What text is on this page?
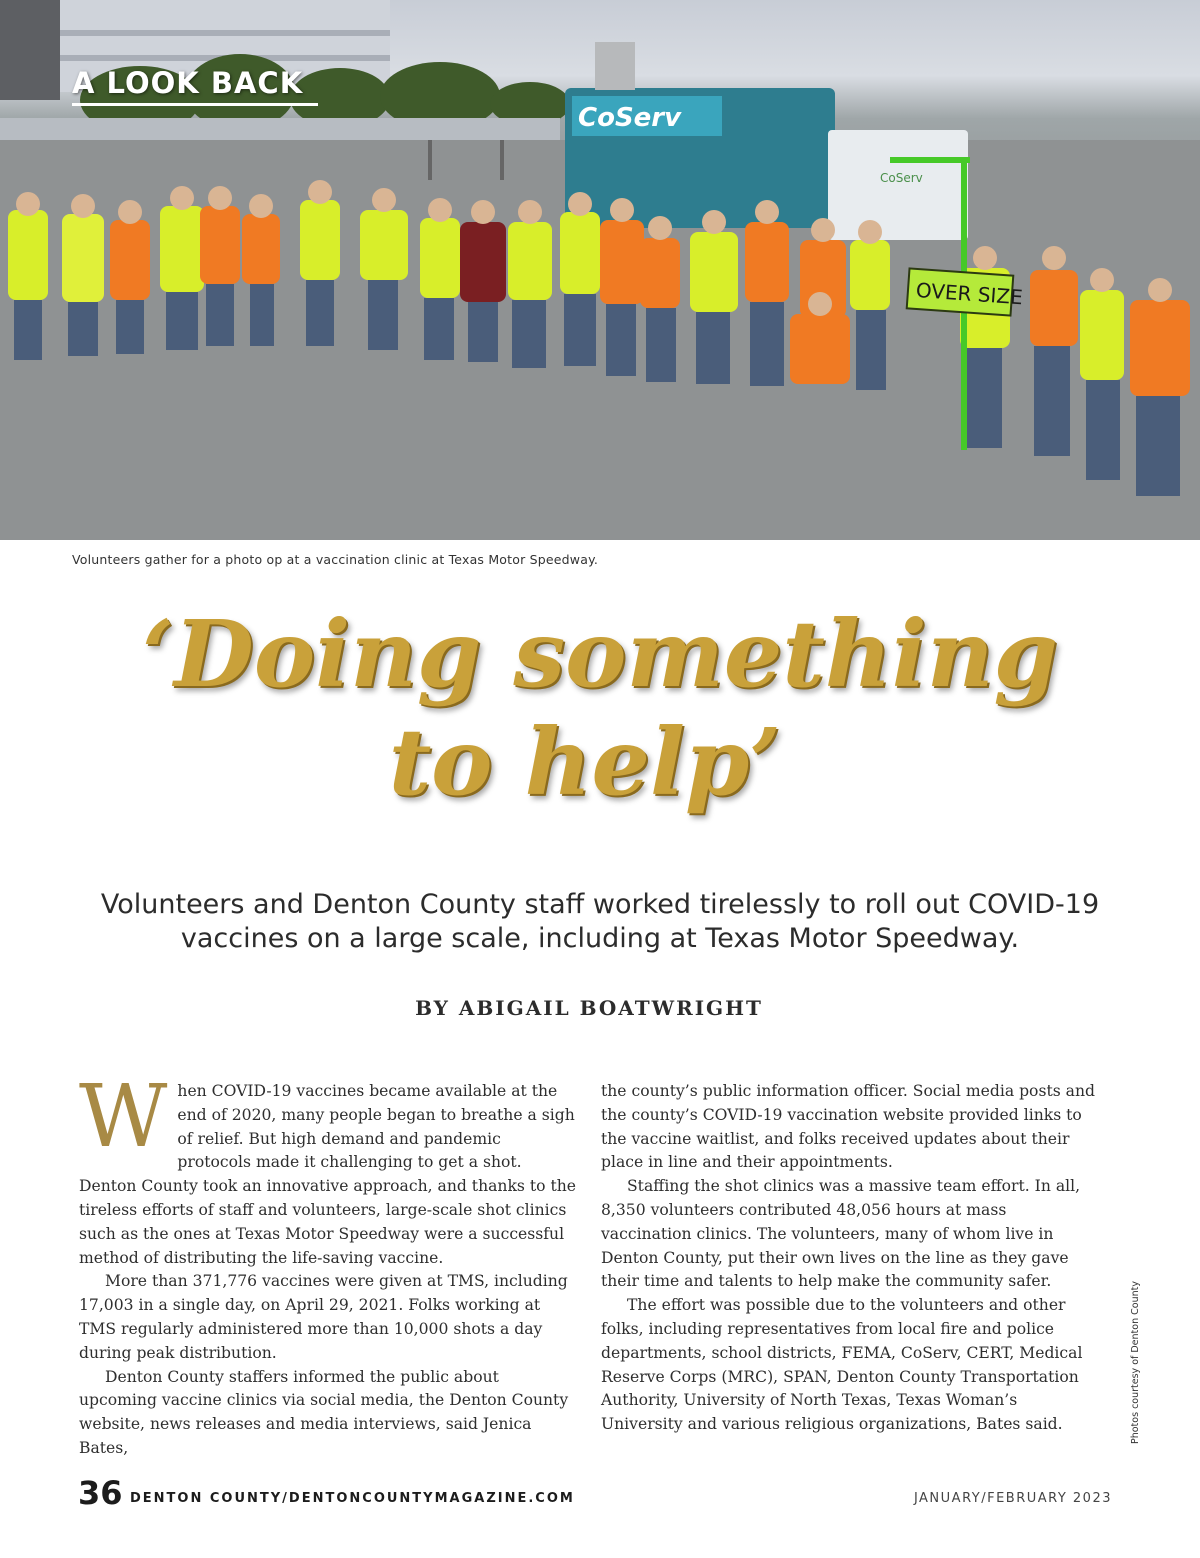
CoServ
CoServ
OVER SIZE
A LOOK BACK
Volunteers gather for a photo op at a vaccination clinic at Texas Motor Speedway.
‘Doing something
to help’
Volunteers and Denton County staff worked tirelessly to roll out COVID-19 vaccines on a large scale, including at Texas Motor Speedway.
BY ABIGAIL BOATWRIGHT

When COVID-19 vaccines became available at the end of 2020, many people began to breathe a sigh of relief. But high demand and pandemic protocols made it challenging to get a shot. Denton County took an innovative approach, and thanks to the tireless efforts of staff and volunteers, large-scale shot clinics such as the ones at Texas Motor Speedway were a successful method of distributing the life-saving vaccine.

More than 371,776 vaccines were given at TMS, including 17,003 in a single day, on April 29, 2021. Folks working at TMS regularly administered more than 10,000 shots a day during peak distribution.

Denton County staffers informed the public about upcoming vaccine clinics via social media, the Denton County website, news releases and media interviews, said Jenica Bates,

the county’s public information officer. Social media posts and the county’s COVID-19 vaccination website provided links to the vaccine waitlist, and folks received updates about their place in line and their appointments.

Staffing the shot clinics was a massive team effort. In all, 8,350 volunteers contributed 48,056 hours at mass vaccination clinics. The volunteers, many of whom live in Denton County, put their own lives on the line as they gave their time and talents to help make the community safer.

The effort was possible due to the volunteers and other folks, including representatives from local fire and police departments, school districts, FEMA, CoServ, CERT, Medical Reserve Corps (MRC), SPAN, Denton County Transportation Authority, University of North Texas, Texas Woman’s University and various religious organizations, Bates said.	Photos courtesy of Denton County
36 DENTON COUNTY/DENTONCOUNTYMAGAZINE.COM	JANUARY/FEBRUARY 2023
